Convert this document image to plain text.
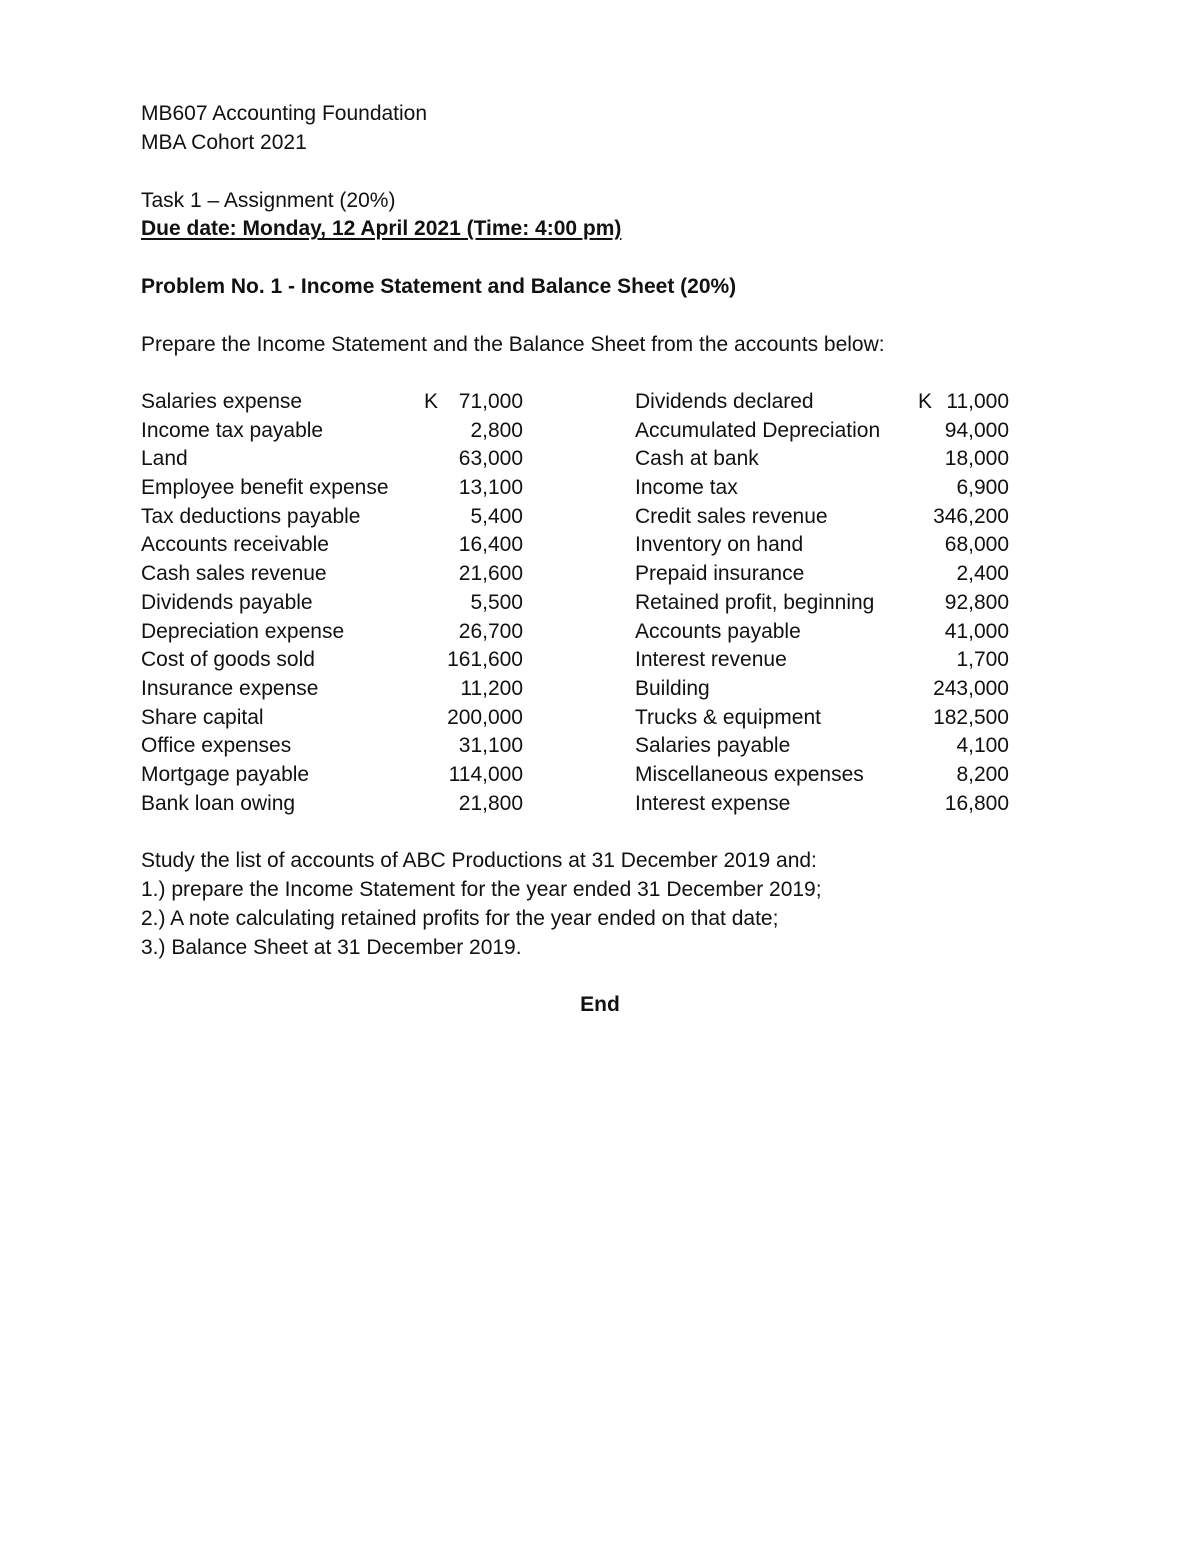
MB607 Accounting Foundation
MBA Cohort 2021
Task 1 – Assignment (20%)
Due date: Monday, 12 April 2021 (Time: 4:00 pm)
Problem No. 1 - Income Statement and Balance Sheet (20%)
Prepare the Income Statement and the Balance Sheet from the accounts below:
Salaries expense	K 71,000	Dividends declared	K 11,000
Income tax payable	2,800	Accumulated Depreciation	94,000
Land	63,000	Cash at bank	18,000
Employee benefit expense	13,100	Income tax	6,900
Tax deductions payable	5,400	Credit sales revenue	346,200
Accounts receivable	16,400	Inventory on hand	68,000
Cash sales revenue	21,600	Prepaid insurance	2,400
Dividends payable	5,500	Retained profit, beginning	92,800
Depreciation expense	26,700	Accounts payable	41,000
Cost of goods sold	161,600	Interest revenue	1,700
Insurance expense	11,200	Building	243,000
Share capital	200,000	Trucks & equipment	182,500
Office expenses	31,100	Salaries payable	4,100
Mortgage payable	114,000	Miscellaneous expenses	8,200
Bank loan owing	21,800	Interest expense	16,800
Study the list of accounts of ABC Productions at 31 December 2019 and:
1.) prepare the Income Statement for the year ended 31 December 2019;
2.) A note calculating retained profits for the year ended on that date;
3.) Balance Sheet at 31 December 2019.
End
